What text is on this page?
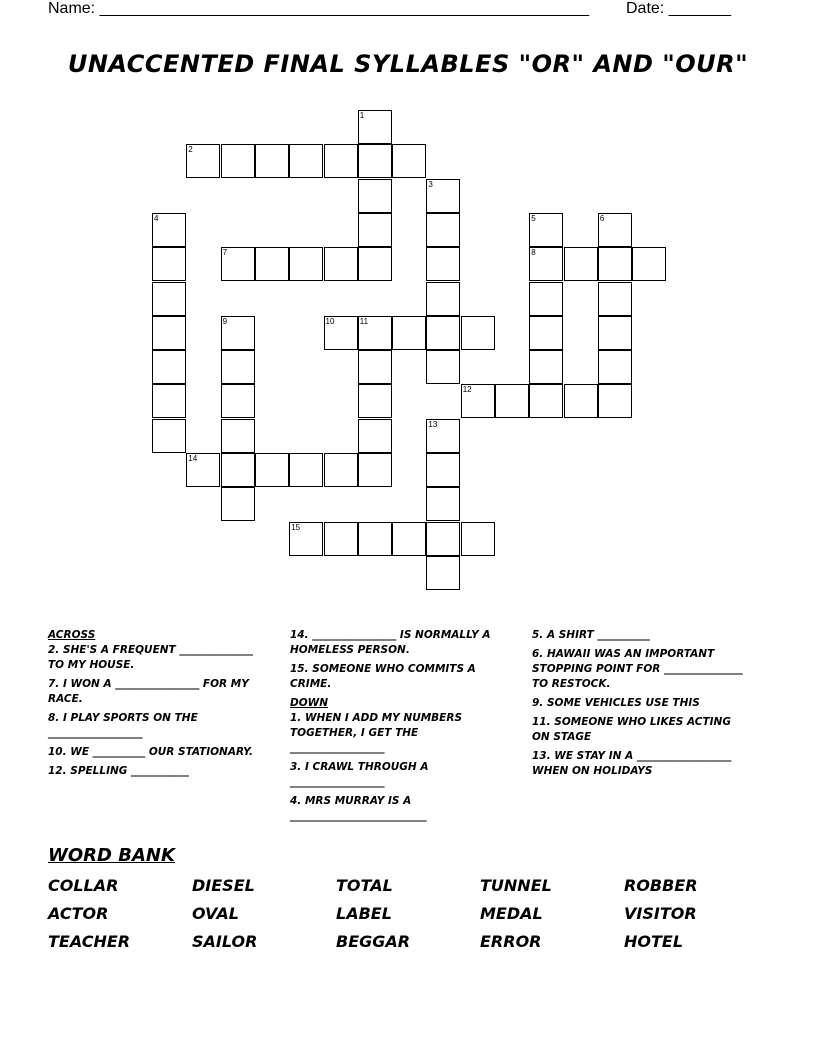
Name: _______________________________________________________ Date: _______
UNACCENTED FINAL SYLLABLES "OR" AND "OUR"
1
2
3
4	5
8
6
7
9	10	11
12
13
14
15
ACROSS
2. SHE'S A FREQUENT ______________ TO MY HOUSE.
7. I WON A ________________ FOR MY RACE.
8. I PLAY SPORTS ON THE __________________
10. WE __________ OUR STATIONARY.
12. SPELLING ___________
14. ________________ IS NORMALLY A HOMELESS PERSON.
15. SOMEONE WHO COMMITS A CRIME.
DOWN
1. WHEN I ADD MY NUMBERS TOGETHER, I GET THE __________________
3. I CRAWL THROUGH A __________________
4. MRS MURRAY IS A __________________________
5. A SHIRT __________
6. HAWAII WAS AN IMPORTANT STOPPING POINT FOR _______________ TO RESTOCK.
9. SOME VEHICLES USE THIS
11. SOMEONE WHO LIKES ACTING ON STAGE
13. WE STAY IN A __________________ WHEN ON HOLIDAYS
WORD BANK
COLLAR	DIESEL	TOTAL	TUNNEL	ROBBER
ACTOR	OVAL	LABEL	MEDAL	VISITOR
TEACHER	SAILOR	BEGGAR	ERROR	HOTEL
